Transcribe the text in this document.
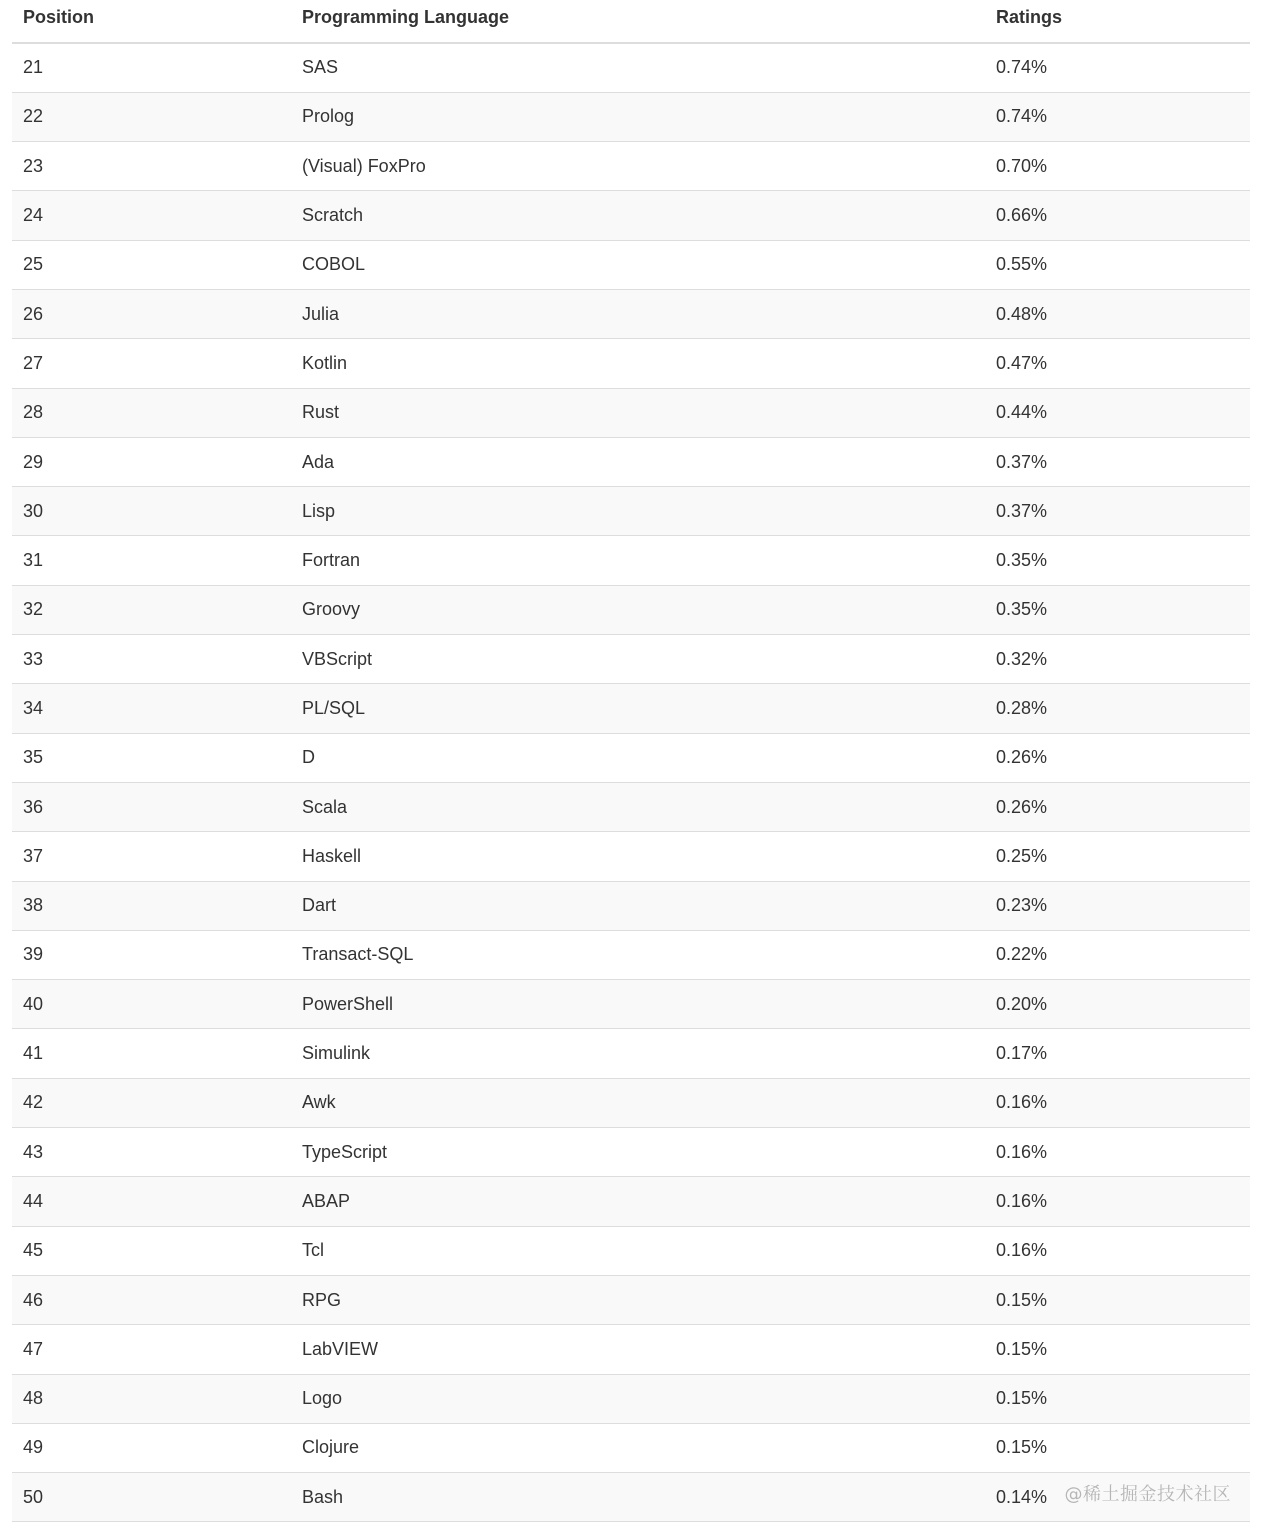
Position	Programming Language	Ratings
21	SAS	0.74%
22	Prolog	0.74%
23	(Visual) FoxPro	0.70%
24	Scratch	0.66%
25	COBOL	0.55%
26	Julia	0.48%
27	Kotlin	0.47%
28	Rust	0.44%
29	Ada	0.37%
30	Lisp	0.37%
31	Fortran	0.35%
32	Groovy	0.35%
33	VBScript	0.32%
34	PL/SQL	0.28%
35	D	0.26%
36	Scala	0.26%
37	Haskell	0.25%
38	Dart	0.23%
39	Transact-SQL	0.22%
40	PowerShell	0.20%
41	Simulink	0.17%
42	Awk	0.16%
43	TypeScript	0.16%
44	ABAP	0.16%
45	Tcl	0.16%
46	RPG	0.15%
47	LabVIEW	0.15%
48	Logo	0.15%
49	Clojure	0.15%
50	Bash	0.14% @稀土掘金技术社区
